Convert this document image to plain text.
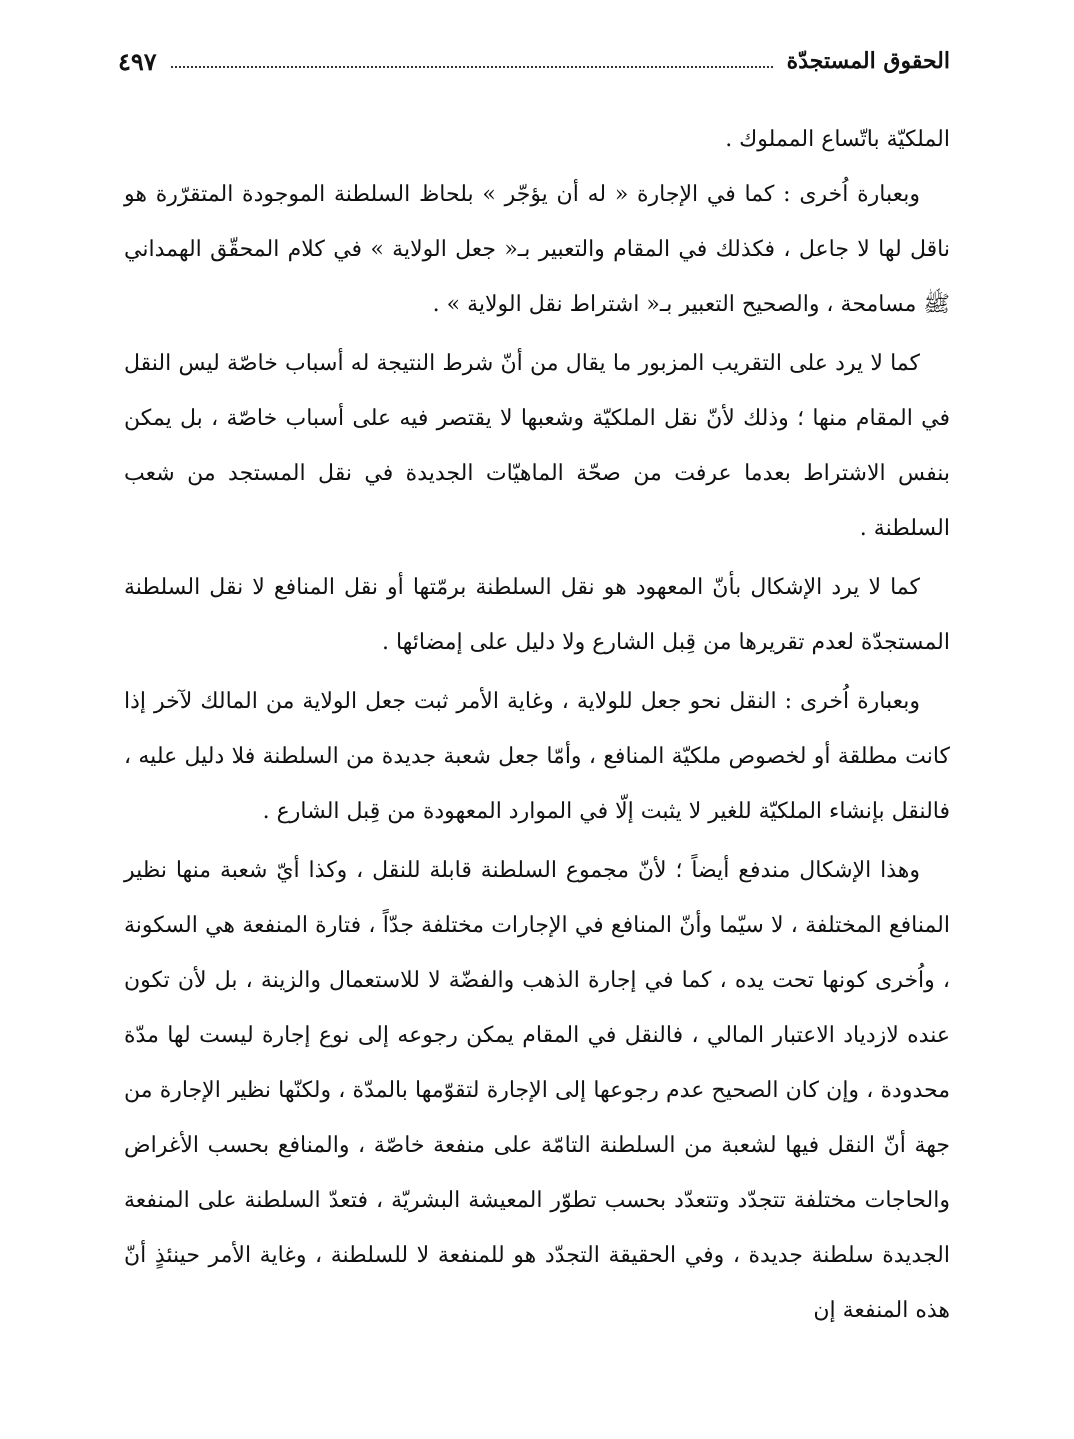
الحقوق المستجدّة
٤٩٧

الملكيّة باتّساع المملوك .

وبعبارة اُخرى : كما في الإجارة « له أن يؤجّر » بلحاظ السلطنة الموجودة المتقرّرة هو ناقل لها لا جاعل ، فكذلك في المقام والتعبير بـ« جعل الولاية » في كلام المحقّق الهمداني ﷺ مسامحة ، والصحيح التعبير بـ« اشتراط نقل الولاية » .

كما لا يرد على التقريب المزبور ما يقال من أنّ شرط النتيجة له أسباب خاصّة ليس النقل في المقام منها ؛ وذلك لأنّ نقل الملكيّة وشعبها لا يقتصر فيه على أسباب خاصّة ، بل يمكن بنفس الاشتراط بعدما عرفت من صحّة الماهيّات الجديدة في نقل المستجد من شعب السلطنة .

كما لا يرد الإشكال بأنّ المعهود هو نقل السلطنة برمّتها أو نقل المنافع لا نقل السلطنة المستجدّة لعدم تقريرها من قِبل الشارع ولا دليل على إمضائها .

وبعبارة اُخرى : النقل نحو جعل للولاية ، وغاية الأمر ثبت جعل الولاية من المالك لآخر إذا كانت مطلقة أو لخصوص ملكيّة المنافع ، وأمّا جعل شعبة جديدة من السلطنة فلا دليل عليه ، فالنقل بإنشاء الملكيّة للغير لا يثبت إلّا في الموارد المعهودة من قِبل الشارع .

وهذا الإشكال مندفع أيضاً ؛ لأنّ مجموع السلطنة قابلة للنقل ، وكذا أيّ شعبة منها نظير المنافع المختلفة ، لا سيّما وأنّ المنافع في الإجارات مختلفة جدّاً ، فتارة المنفعة هي السكونة ، واُخرى كونها تحت يده ، كما في إجارة الذهب والفضّة لا للاستعمال والزينة ، بل لأن تكون عنده لازدياد الاعتبار المالي ، فالنقل في المقام يمكن رجوعه إلى نوع إجارة ليست لها مدّة محدودة ، وإن كان الصحيح عدم رجوعها إلى الإجارة لتقوّمها بالمدّة ، ولكنّها نظير الإجارة من جهة أنّ النقل فيها لشعبة من السلطنة التامّة على منفعة خاصّة ، والمنافع بحسب الأغراض والحاجات مختلفة تتجدّد وتتعدّد بحسب تطوّر المعيشة البشريّة ، فتعدّ السلطنة على المنفعة الجديدة سلطنة جديدة ، وفي الحقيقة التجدّد هو للمنفعة لا للسلطنة ، وغاية الأمر حينئذٍ أنّ هذه المنفعة إن
